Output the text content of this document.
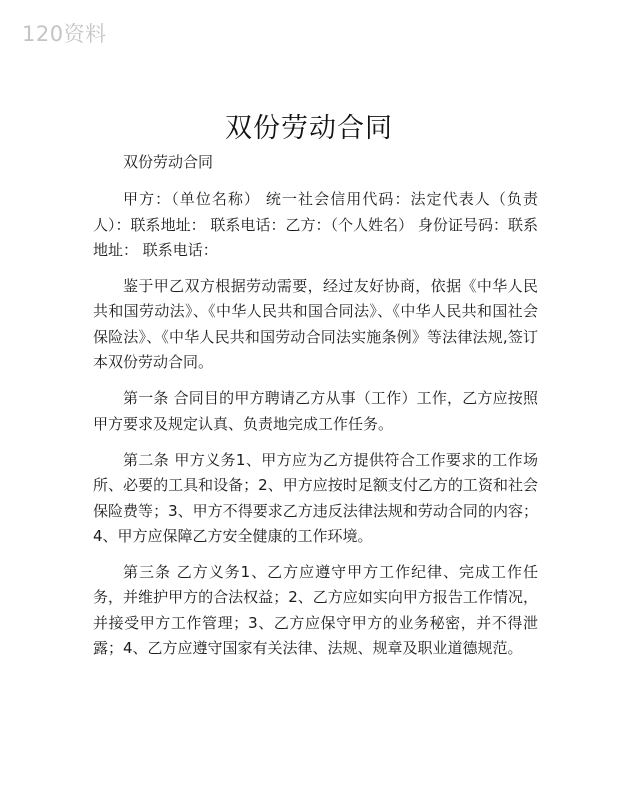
120资料
双份劳动合同

双份劳动合同

甲方：（单位名称） 统一社会信用代码：法定代表人（负责人）：联系地址： 联系电话：乙方：（个人姓名） 身份证号码：联系地址： 联系电话：

鉴于甲乙双方根据劳动需要，经过友好协商，依据《中华人民共和国劳动法》、《中华人民共和国合同法》、《中华人民共和国社会保险法》、《中华人民共和国劳动合同法实施条例》等法律法规,签订本双份劳动合同。

第一条 合同目的甲方聘请乙方从事（工作）工作，乙方应按照甲方要求及规定认真、负责地完成工作任务。

第二条 甲方义务1、甲方应为乙方提供符合工作要求的工作场所、必要的工具和设备；2、甲方应按时足额支付乙方的工资和社会保险费等；3、甲方不得要求乙方违反法律法规和劳动合同的内容；4、甲方应保障乙方安全健康的工作环境。

第三条 乙方义务1、乙方应遵守甲方工作纪律、完成工作任务，并维护甲方的合法权益；2、乙方应如实向甲方报告工作情况，并接受甲方工作管理；3、乙方应保守甲方的业务秘密，并不得泄露；4、乙方应遵守国家有关法律、法规、规章及职业道德规范。
